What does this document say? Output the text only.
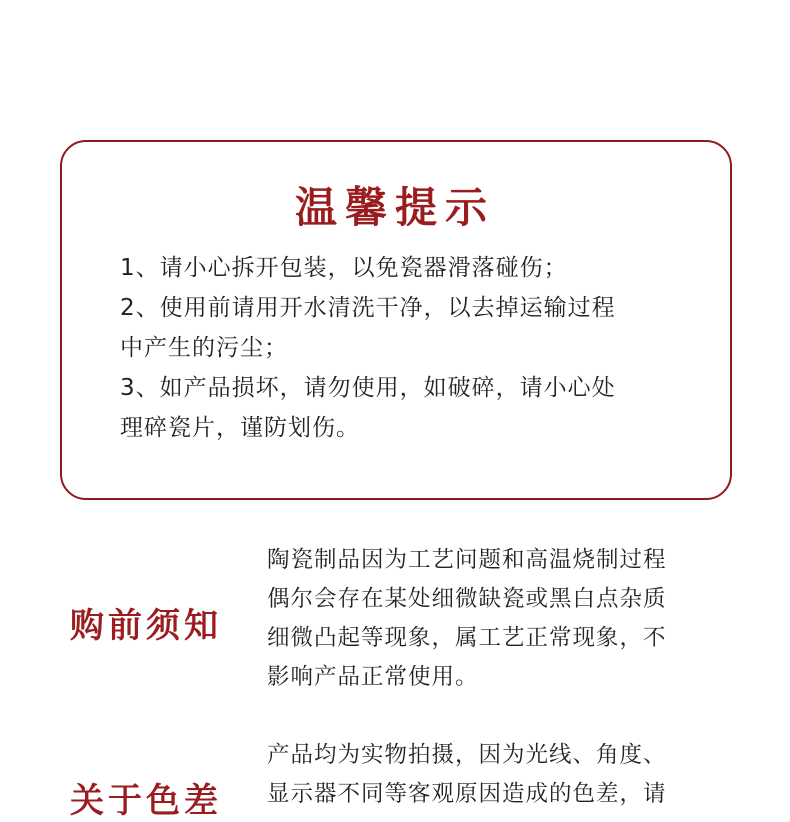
温馨提示
1、请小心拆开包装，以免瓷器滑落碰伤；
2、使用前请用开水清洗干净，以去掉运输过程
中产生的污尘；
3、如产品损坏，请勿使用，如破碎，请小心处
理碎瓷片，谨防划伤。
购前须知
陶瓷制品因为工艺问题和高温烧制过程
偶尔会存在某处细微缺瓷或黑白点杂质
细微凸起等现象，属工艺正常现象，不
影响产品正常使用。
关于色差
产品均为实物拍摄，因为光线、角度、
显示器不同等客观原因造成的色差，请
